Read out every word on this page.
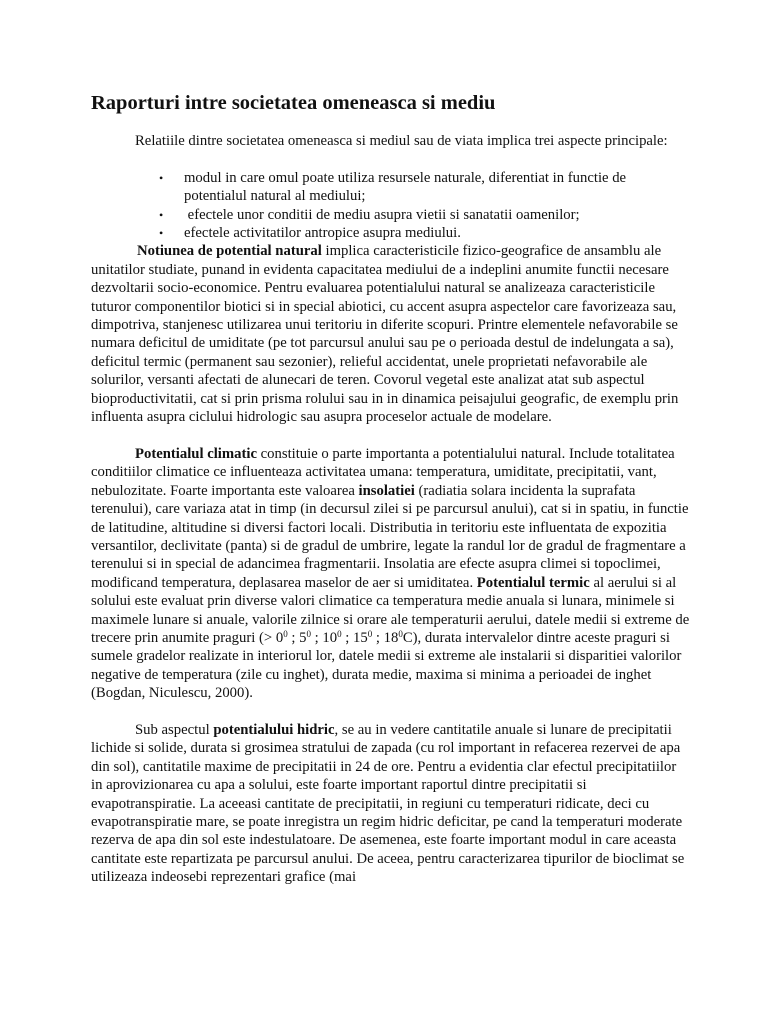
Raporturi intre societatea omeneasca si mediu

Relatiile dintre societatea omeneasca si mediul sau de viata implica trei aspecte principale:

• modul in care omul poate utiliza resursele naturale, diferentiat in functie de potentialul natural al mediului;
• efectele unor conditii de mediu asupra vietii si sanatatii oamenilor;
• efectele activitatilor antropice asupra mediului.

Notiunea de potential natural implica caracteristicile fizico-geografice de ansamblu ale unitatilor studiate, punand in evidenta capacitatea mediului de a indeplini anumite functii necesare dezvoltarii socio-economice. Pentru evaluarea potentialului natural se analizeaza caracteristicile tuturor componentilor biotici si in special abiotici, cu accent asupra aspectelor care favorizeaza sau, dimpotriva, stanjenesc utilizarea unui teritoriu in diferite scopuri. Printre elementele nefavorabile se numara deficitul de umiditate (pe tot parcursul anului sau pe o perioada destul de indelungata a sa), deficitul termic (permanent sau sezonier), relieful accidentat, unele proprietati nefavorabile ale solurilor, versanti afectati de alunecari de teren. Covorul vegetal este analizat atat sub aspectul bioproductivitatii, cat si prin prisma rolului sau in in dinamica peisajului geografic, de exemplu prin influenta asupra ciclului hidrologic sau asupra proceselor actuale de modelare.

Potentialul climatic constituie o parte importanta a potentialului natural. Include totalitatea conditiilor climatice ce influenteaza activitatea umana: temperatura, umiditate, precipitatii, vant, nebulozitate. Foarte importanta este valoarea insolatiei (radiatia solara incidenta la suprafata terenului), care variaza atat in timp (in decursul zilei si pe parcursul anului), cat si in spatiu, in functie de latitudine, altitudine si diversi factori locali. Distributia in teritoriu este influentata de expozitia versantilor, declivitate (panta) si de gradul de umbrire, legate la randul lor de gradul de fragmentare a terenului si in special de adancimea fragmentarii. Insolatia are efecte asupra climei si topoclimei, modificand temperatura, deplasarea maselor de aer si umiditatea. Potentialul termic al aerului si al solului este evaluat prin diverse valori climatice ca temperatura medie anuala si lunara, minimele si maximele lunare si anuale, valorile zilnice si orare ale temperaturii aerului, datele medii si extreme de trecere prin anumite praguri (> $0^0$ ; $5^0$ ; $10^0$ ; $15^0$ ; $18^0C$), durata intervalelor dintre aceste praguri si sumele gradelor realizate in interiorul lor, datele medii si extreme ale instalarii si disparitiei valorilor negative de temperatura (zile cu inghet), durata medie, maxima si minima a perioadei de inghet (Bogdan, Niculescu, 2000).

Sub aspectul potentialului hidric, se au in vedere cantitatile anuale si lunare de precipitatii lichide si solide, durata si grosimea stratului de zapada (cu rol important in refacerea rezervei de apa din sol), cantitatile maxime de precipitatii in 24 de ore. Pentru a evidentia clar efectul precipitatiilor in aprovizionarea cu apa a solului, este foarte important raportul dintre precipitatii si evapotranspiratie. La aceeasi cantitate de precipitatii, in regiuni cu temperaturi ridicate, deci cu evapotranspiratie mare, se poate inregistra un regim hidric deficitar, pe cand la temperaturi moderate rezerva de apa din sol este indestulatoare. De asemenea, este foarte important modul in care aceasta cantitate este repartizata pe parcursul anului. De aceea, pentru caracterizarea tipurilor de bioclimat se utilizeaza indeosebi reprezentari grafice (mai
